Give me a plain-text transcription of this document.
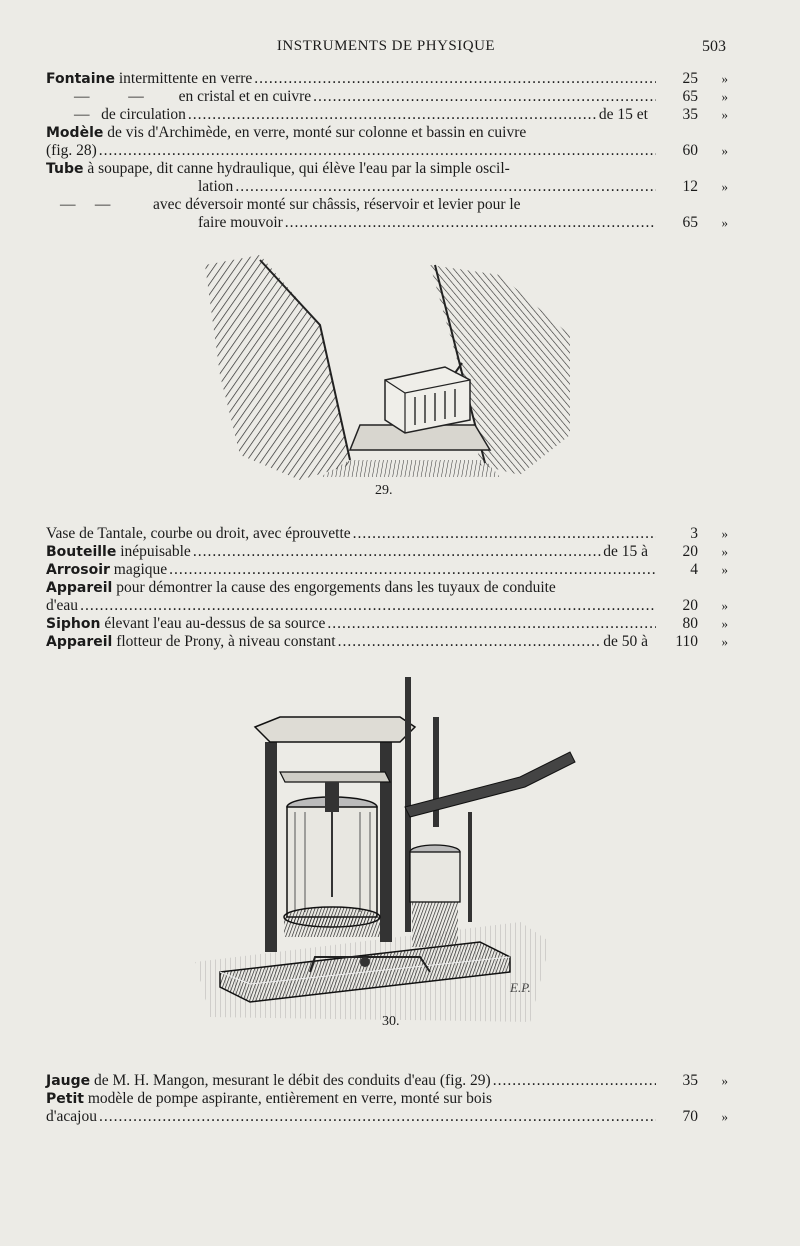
INSTRUMENTS DE PHYSIQUE	503
Fontaine intermittente en verre .....	25	»
—          — en cristal et en cuivre .....	65	»
— de circulation .....	de 15 et	35	»
Modèle de vis d'Archimède, en verre, monté sur colonne et bassin en cuivre
(fig. 28) .....	60	»
Tube à soupape, dit canne hydraulique, qui élève l'eau par la simple oscil-
lation .....	12	»
—     —	avec déversoir monté sur châssis, réservoir et levier pour le
faire mouvoir .....	65	»
29.
Vase de Tantale, courbe ou droit, avec éprouvette .....	3	»
Bouteille inépuisable .....	de 15 à	20	»
Arrosoir magique .....	4	»
Appareil pour démontrer la cause des engorgements dans les tuyaux de conduite
d'eau .....	20	»
Siphon élevant l'eau au-dessus de sa source .....	80	»
Appareil flotteur de Prony, à niveau constant .....	de 50 à	110	»
E.P.
30.
Jauge de M. H. Mangon, mesurant le débit des conduits d'eau (fig. 29) .....	35	»
Petit modèle de pompe aspirante, entièrement en verre, monté sur bois
d'acajou .....	70	»
